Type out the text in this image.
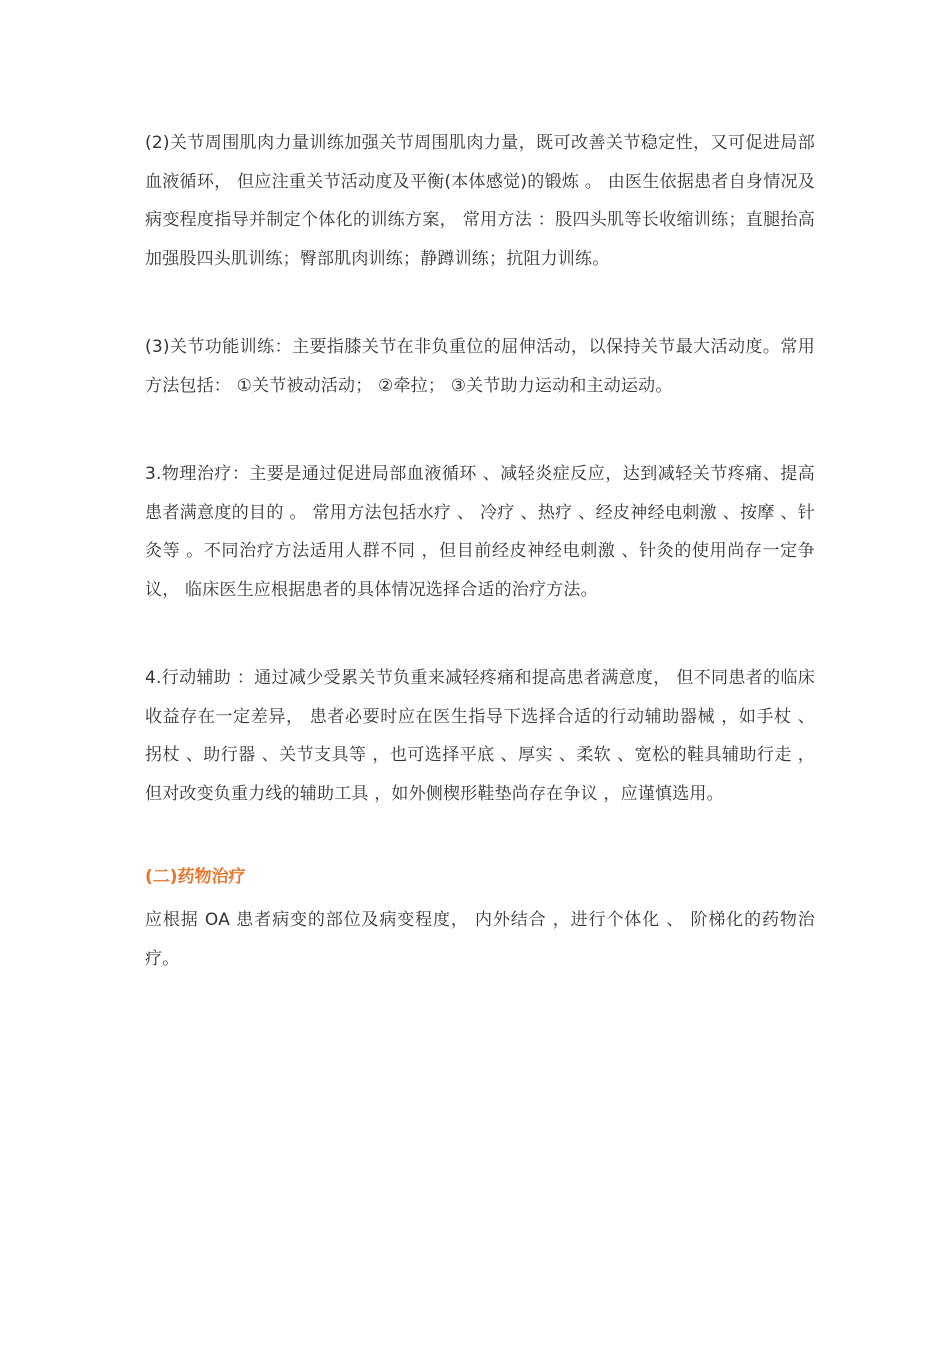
(2)关节周围肌肉力量训练加强关节周围肌肉力量，既可改善关节稳定性，又可促进局部血液循环， 但应注重关节活动度及平衡(本体感觉)的锻炼 。 由医生依据患者自身情况及病变程度指导并制定个体化的训练方案， 常用方法 ：股四头肌等长收缩训练；直腿抬高加强股四头肌训练；臀部肌肉训练；静蹲训练；抗阻力训练。

(3)关节功能训练：主要指膝关节在非负重位的屈伸活动，以保持关节最大活动度。常用方法包括： ①关节被动活动； ②牵拉； ③关节助力运动和主动运动。

3.物理治疗：主要是通过促进局部血液循环 、减轻炎症反应，达到减轻关节疼痛、提高患者满意度的目的 。 常用方法包括水疗 、 冷疗 、热疗 、经皮神经电刺激 、按摩 、针灸等 。不同治疗方法适用人群不同 ，但目前经皮神经电刺激 、针灸的使用尚存一定争议， 临床医生应根据患者的具体情况选择合适的治疗方法。

4.行动辅助 ：通过减少受累关节负重来减轻疼痛和提高患者满意度， 但不同患者的临床收益存在一定差异， 患者必要时应在医生指导下选择合适的行动辅助器械 ，如手杖 、拐杖 、助行器 、关节支具等 ，也可选择平底 、厚实 、柔软 、宽松的鞋具辅助行走 ，但对改变负重力线的辅助工具 ，如外侧楔形鞋垫尚存在争议 ，应谨慎选用。

(二)药物治疗

应根据 OA 患者病变的部位及病变程度， 内外结合 ，进行个体化 、 阶梯化的药物治疗。
